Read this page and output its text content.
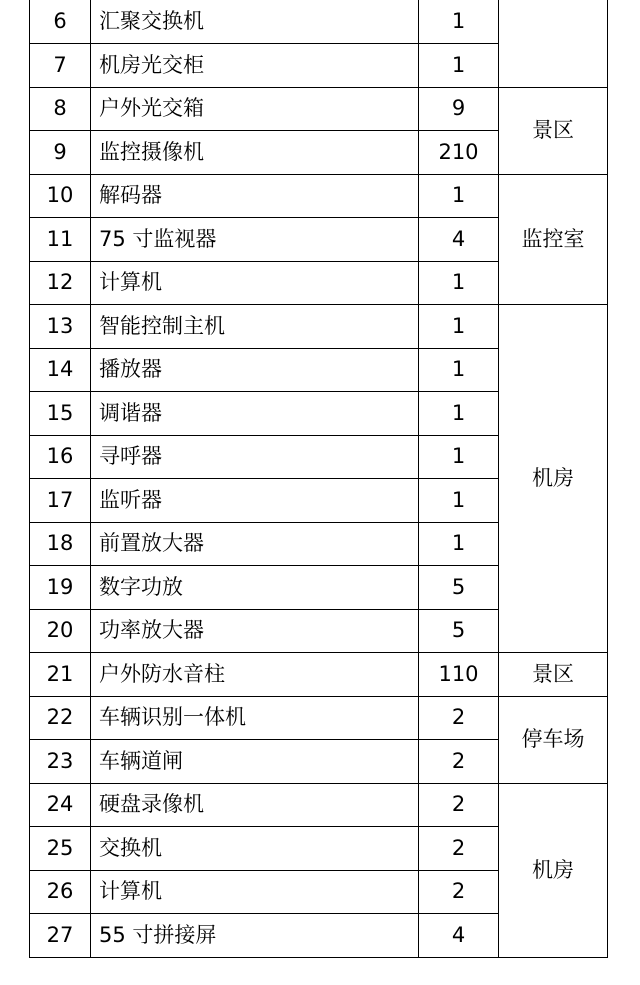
6	汇聚交换机	1	
7	机房光交柜	1	
8	户外光交箱	9	景区
9	监控摄像机	210	
10	解码器	1	监控室
11	75 寸监视器	4	
12	计算机	1	
13	智能控制主机	1	机房
14	播放器	1	
15	调谐器	1	
16	寻呼器	1	
17	监听器	1	
18	前置放大器	1	
19	数字功放	5	
20	功率放大器	5	
21	户外防水音柱	110	景区
22	车辆识别一体机	2	停车场
23	车辆道闸	2	
24	硬盘录像机	2	机房
25	交换机	2	
26	计算机	2	
27	55 寸拼接屏	4	
